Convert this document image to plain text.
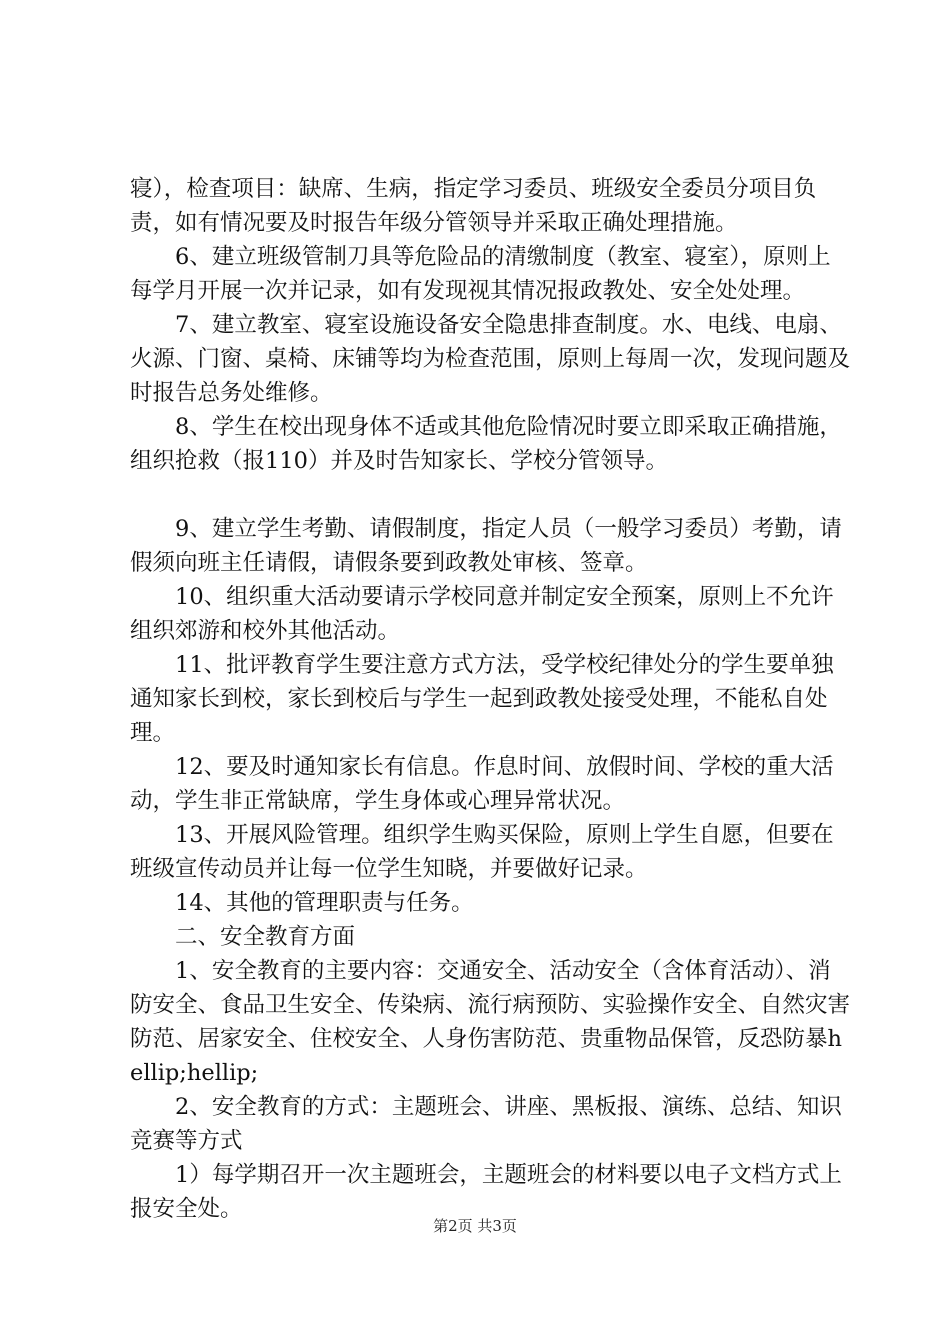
寝），检查项目：缺席、生病，指定学习委员、班级安全委员分项目负责，如有情况要及时报告年级分管领导并采取正确处理措施。

6、建立班级管制刀具等危险品的清缴制度（教室、寝室），原则上每学月开展一次并记录，如有发现视其情况报政教处、安全处处理。

7、建立教室、寝室设施设备安全隐患排查制度。水、电线、电扇、火源、门窗、桌椅、床铺等均为检查范围，原则上每周一次，发现问题及时报告总务处维修。

8、学生在校出现身体不适或其他危险情况时要立即采取正确措施，组织抢救（报110）并及时告知家长、学校分管领导。

9、建立学生考勤、请假制度，指定人员（一般学习委员）考勤，请假须向班主任请假，请假条要到政教处审核、签章。

10、组织重大活动要请示学校同意并制定安全预案，原则上不允许组织郊游和校外其他活动。

11、批评教育学生要注意方式方法，受学校纪律处分的学生要单独通知家长到校，家长到校后与学生一起到政教处接受处理，不能私自处理。

12、要及时通知家长有信息。作息时间、放假时间、学校的重大活动，学生非正常缺席，学生身体或心理异常状况。

13、开展风险管理。组织学生购买保险，原则上学生自愿，但要在班级宣传动员并让每一位学生知晓，并要做好记录。

14、其他的管理职责与任务。

二、安全教育方面

1、安全教育的主要内容：交通安全、活动安全（含体育活动）、消防安全、食品卫生安全、传染病、流行病预防、实验操作安全、自然灾害防范、居家安全、住校安全、人身伤害防范、贵重物品保管，反恐防暴hellip;hellip;

2、安全教育的方式：主题班会、讲座、黑板报、演练、总结、知识竞赛等方式

1）每学期召开一次主题班会，主题班会的材料要以电子文档方式上报安全处。

第2页 共3页
